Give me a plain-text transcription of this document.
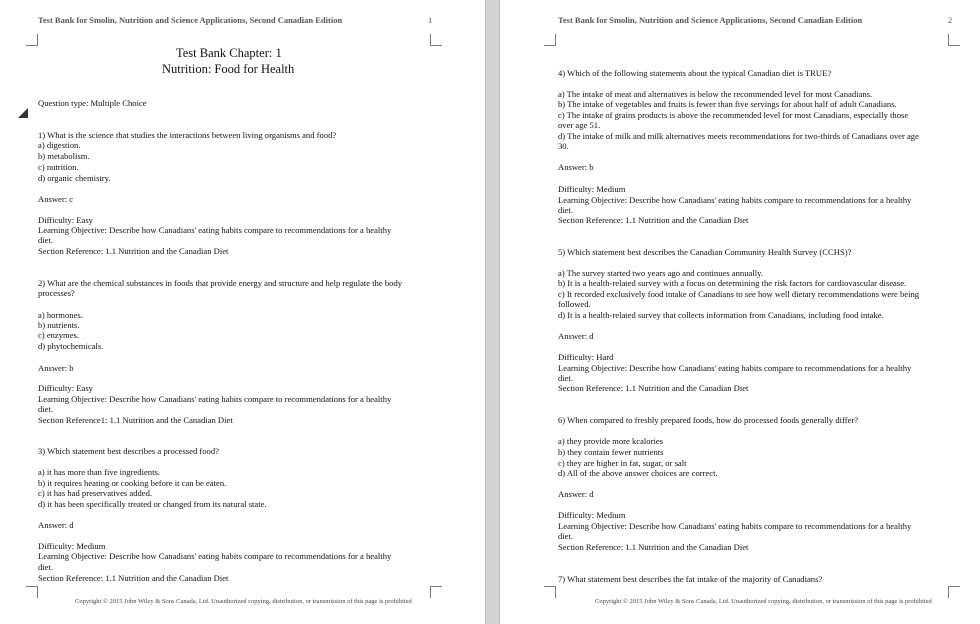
Test Bank for Smolin, Nutrition and Science Applications, Second Canadian Edition	1
Test Bank Chapter: 1
Nutrition: Food for Health
Question type: Multiple Choice
1) What is the science that studies the interactions between living organisms and food?
a) digestion.
b) metabolism.
c) nutrition.
d) organic chemistry.
Answer: c
Difficulty: Easy
Learning Objective: Describe how Canadians' eating habits compare to recommendations for a healthy
diet.
Section Reference: 1.1 Nutrition and the Canadian Diet
2) What are the chemical substances in foods that provide energy and structure and help regulate the body
processes?
a) hormones.
b) nutrients.
c) enzymes.
d) phytochemicals.
Answer: b
Difficulty: Easy
Learning Objective: Describe how Canadians' eating habits compare to recommendations for a healthy
diet.
Section Reference1: 1.1 Nutrition and the Canadian Diet
3) Which statement best describes a processed food?
a) it has more than five ingredients.
b) it requires heating or cooking before it can be eaten.
c) it has had preservatives added.
d) it has been specifically treated or changed from its natural state.
Answer: d
Difficulty: Medium
Learning Objective: Describe how Canadians' eating habits compare to recommendations for a healthy
diet.
Section Reference: 1.1 Nutrition and the Canadian Diet
Copyright © 2015 John Wiley & Sons Canada, Ltd. Unauthorized copying, distribution, or transmission of this page is prohibited
Test Bank for Smolin, Nutrition and Science Applications, Second Canadian Edition	2
4) Which of the following statements about the typical Canadian diet is TRUE?
a) The intake of meat and alternatives is below the recommended level for most Canadians.
b) The intake of vegetables and fruits is fewer than five servings for about half of adult Canadians.
c) The intake of grains products is above the recommended level for most Canadians, especially those
over age 51.
d) The intake of milk and milk alternatives meets recommendations for two-thirds of Canadians over age
30.
Answer: b
Difficulty: Medium
Learning Objective: Describe how Canadians' eating habits compare to recommendations for a healthy
diet.
Section Reference: 1.1 Nutrition and the Canadian Diet
5) Which statement best describes the Canadian Community Health Survey (CCHS)?
a) The survey started two years ago and continues annually.
b) It is a health-related survey with a focus on determining the risk factors for cardiovascular disease.
c) It recorded exclusively food intake of Canadians to see how well dietary recommendations were being
followed.
d) It is a health-related survey that collects information from Canadians, including food intake.
Answer: d
Difficulty: Hard
Learning Objective: Describe how Canadians' eating habits compare to recommendations for a healthy
diet.
Section Reference: 1.1 Nutrition and the Canadian Diet
6) When compared to freshly prepared foods, how do processed foods generally differ?
a) they provide more kcalories
b) they contain fewer nutrients
c) they are higher in fat, sugar, or salt
d) All of the above answer choices are correct.
Answer: d
Difficulty: Medium
Learning Objective: Describe how Canadians' eating habits compare to recommendations for a healthy
diet.
Section Reference: 1.1 Nutrition and the Canadian Diet
7) What statement best describes the fat intake of the majority of Canadians?
Copyright © 2015 John Wiley & Sons Canada, Ltd. Unauthorized copying, distribution, or transmission of this page is prohibited
